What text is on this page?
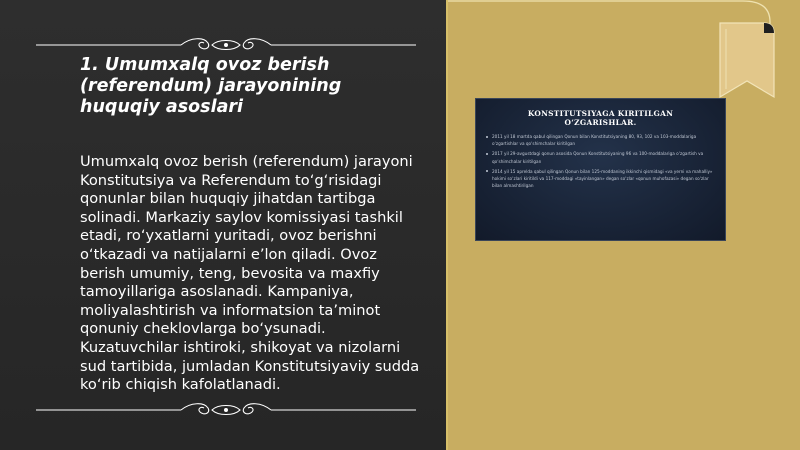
1. Umumxalq ovoz berish (referendum) jarayonining huquqiy asoslari

Umumxalq ovoz berish (referendum) jarayoni Konstitutsiya va Referendum to‘g‘risidagi qonunlar bilan huquqiy jihatdan tartibga solinadi. Markaziy saylov komissiyasi tashkil etadi, ro‘yxatlarni yuritadi, ovoz berishni o‘tkazadi va natijalarni e’lon qiladi. Ovoz berish umumiy, teng, bevosita va maxfiy tamoyillariga asoslanadi. Kampaniya, moliyalashtirish va informatsion ta’minot qonuniy cheklovlarga bo‘ysunadi. Kuzatuvchilar ishtiroki, shikoyat va nizolarni sud tartibida, jumladan Konstitutsiyaviy sudda ko‘rib chiqish kafolatlanadi.

KONSTITUTSIYAGA KIRITILGAN
O‘ZGARISHLAR.

2011 yil 18 martda qabul qilingan Qonun bilan Konstitutsiyaning 80, 93, 102 va 103-moddalariga o‘zgartishlar va qo‘shimchalar kiritilgan
2017 yil 29-avgustdagi qonun asosida Qonun Konstitutsiyaning 96 va 100-moddalariga o‘zgartish va qo‘shimchalar kiritilgan
2014 yil 15 aprelda qabul qilingan Qonun bilan 125-moddaning ikkinchi qismidagi «va yerni va mahalliy» hokimi so‘zlari kiritildi va 117-moddagi «tayinlangan» degan so‘zlar «qonun muhofazasi» degan so‘zlar bilan almashtirilgan
